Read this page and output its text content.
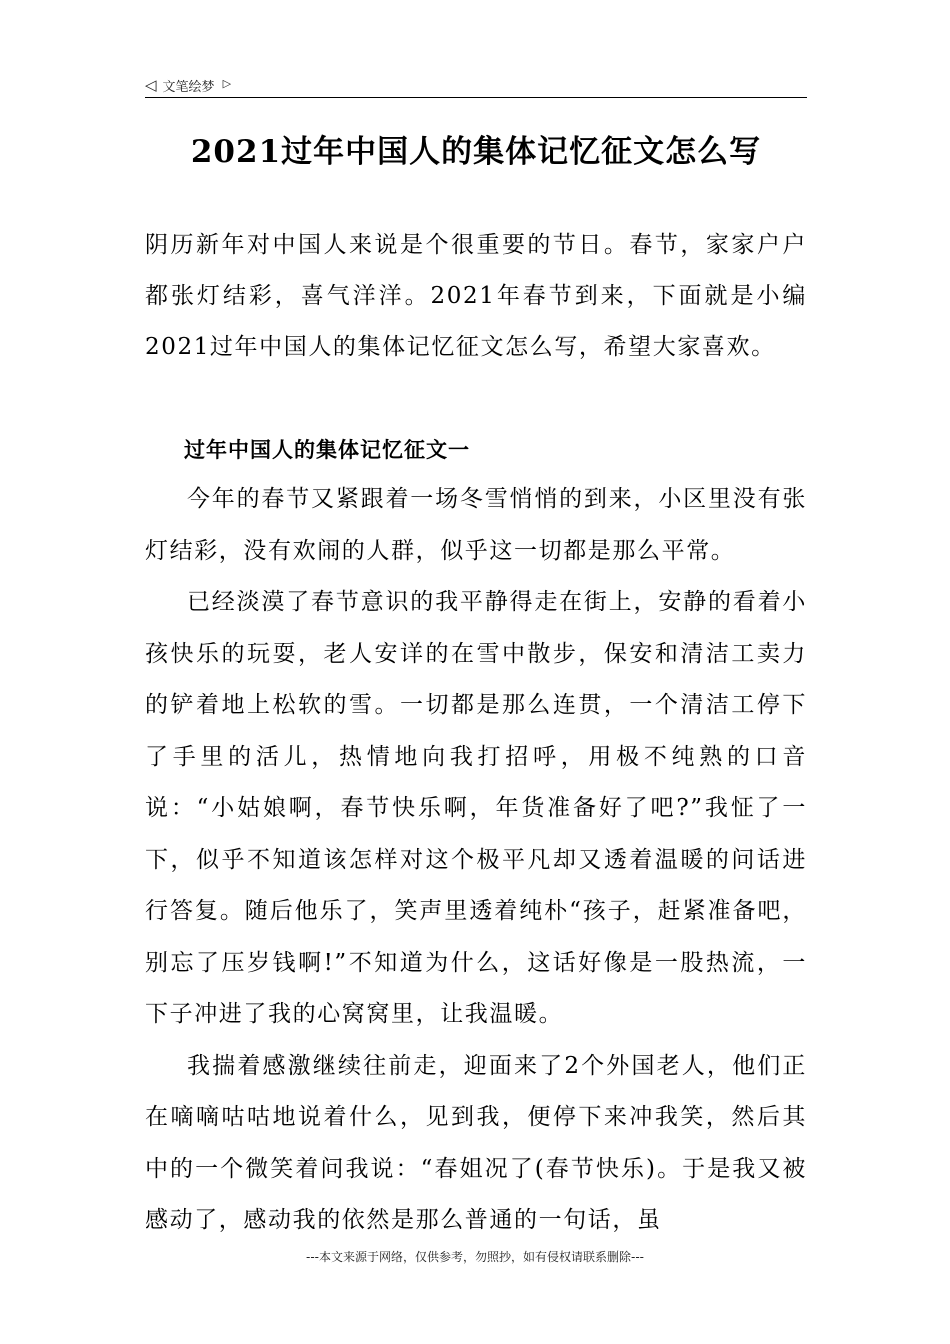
◁ 文笔绘梦 ▷
2021过年中国人的集体记忆征文怎么写

阴历新年对中国人来说是个很重要的节日。春节，家家户户都张灯结彩，喜气洋洋。2021年春节到来，下面就是小编2021过年中国人的集体记忆征文怎么写，希望大家喜欢。

过年中国人的集体记忆征文一

今年的春节又紧跟着一场冬雪悄悄的到来，小区里没有张灯结彩，没有欢闹的人群，似乎这一切都是那么平常。

已经淡漠了春节意识的我平静得走在街上，安静的看着小孩快乐的玩耍，老人安详的在雪中散步，保安和清洁工卖力的铲着地上松软的雪。一切都是那么连贯，一个清洁工停下了手里的活儿，热情地向我打招呼，用极不纯熟的口音说：“小姑娘啊，春节快乐啊，年货准备好了吧?”我怔了一下，似乎不知道该怎样对这个极平凡却又透着温暖的问话进行答复。随后他乐了，笑声里透着纯朴“孩子，赶紧准备吧，别忘了压岁钱啊!”不知道为什么，这话好像是一股热流，一下子冲进了我的心窝窝里，让我温暖。

我揣着感激继续往前走，迎面来了2个外国老人，他们正在嘀嘀咕咕地说着什么，见到我，便停下来冲我笑，然后其中的一个微笑着问我说：“春姐况了(春节快乐)。于是我又被感动了，感动我的依然是那么普通的一句话，虽

---本文来源于网络，仅供参考，勿照抄，如有侵权请联系删除---
